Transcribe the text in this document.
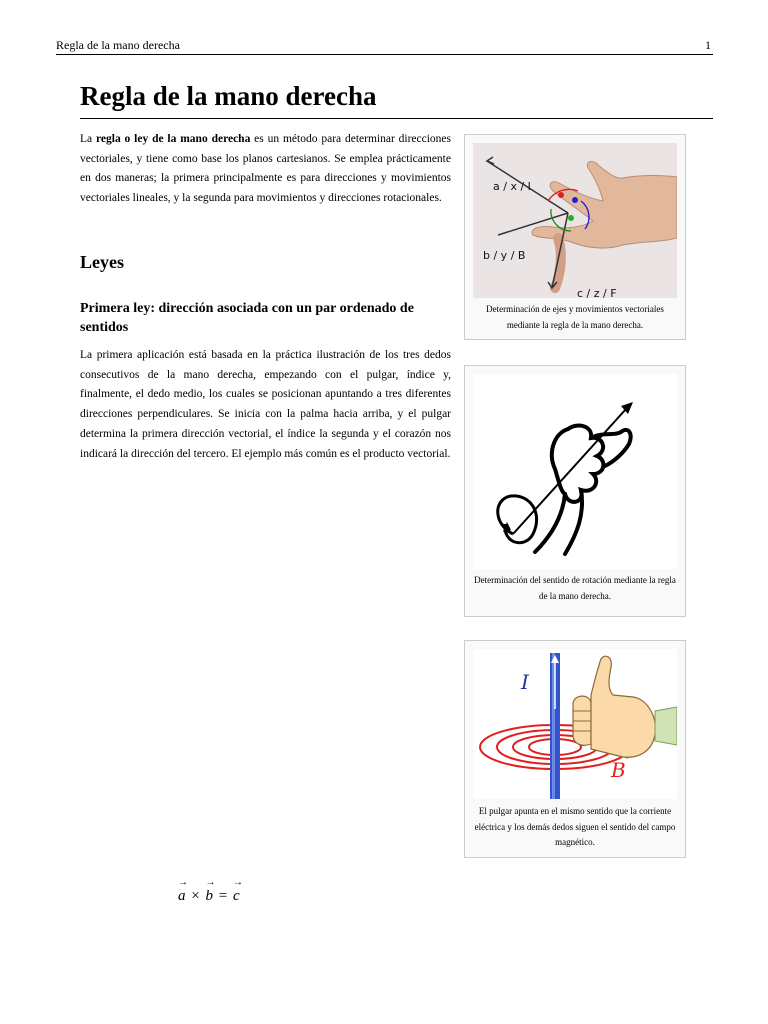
Regla de la mano derecha	1
Regla de la mano derecha

La regla o ley de la mano derecha es un método para determinar direcciones vectoriales, y tiene como base los planos cartesianos. Se emplea prácticamente en dos maneras; la primera principalmente es para direcciones y movimientos vectoriales lineales, y la segunda para movimientos y direcciones rotacionales.

Leyes
Primera ley: dirección asociada con un par ordenado de sentidos

La primera aplicación está basada en la práctica ilustración de los tres dedos consecutivos de la mano derecha, empezando con el pulgar, índice y, finalmente, el dedo medio, los cuales se posicionan apuntando a tres diferentes direcciones perpendiculares. Se inicia con la palma hacia arriba, y el pulgar determina la primera dirección vectorial, el índice la segunda y el corazón nos indicará la dirección del tercero. El ejemplo más común es el producto vectorial.

→ a × → b = → c
a / x / I
b / y / B
c / z / F

Determinación de ejes y movimientos vectoriales mediante la regla de la mano derecha.

Determinación del sentido de rotación mediante la regla de la mano derecha.

I
B

El pulgar apunta en el mismo sentido que la corriente eléctrica y los demás dedos siguen el sentido del campo magnético.
